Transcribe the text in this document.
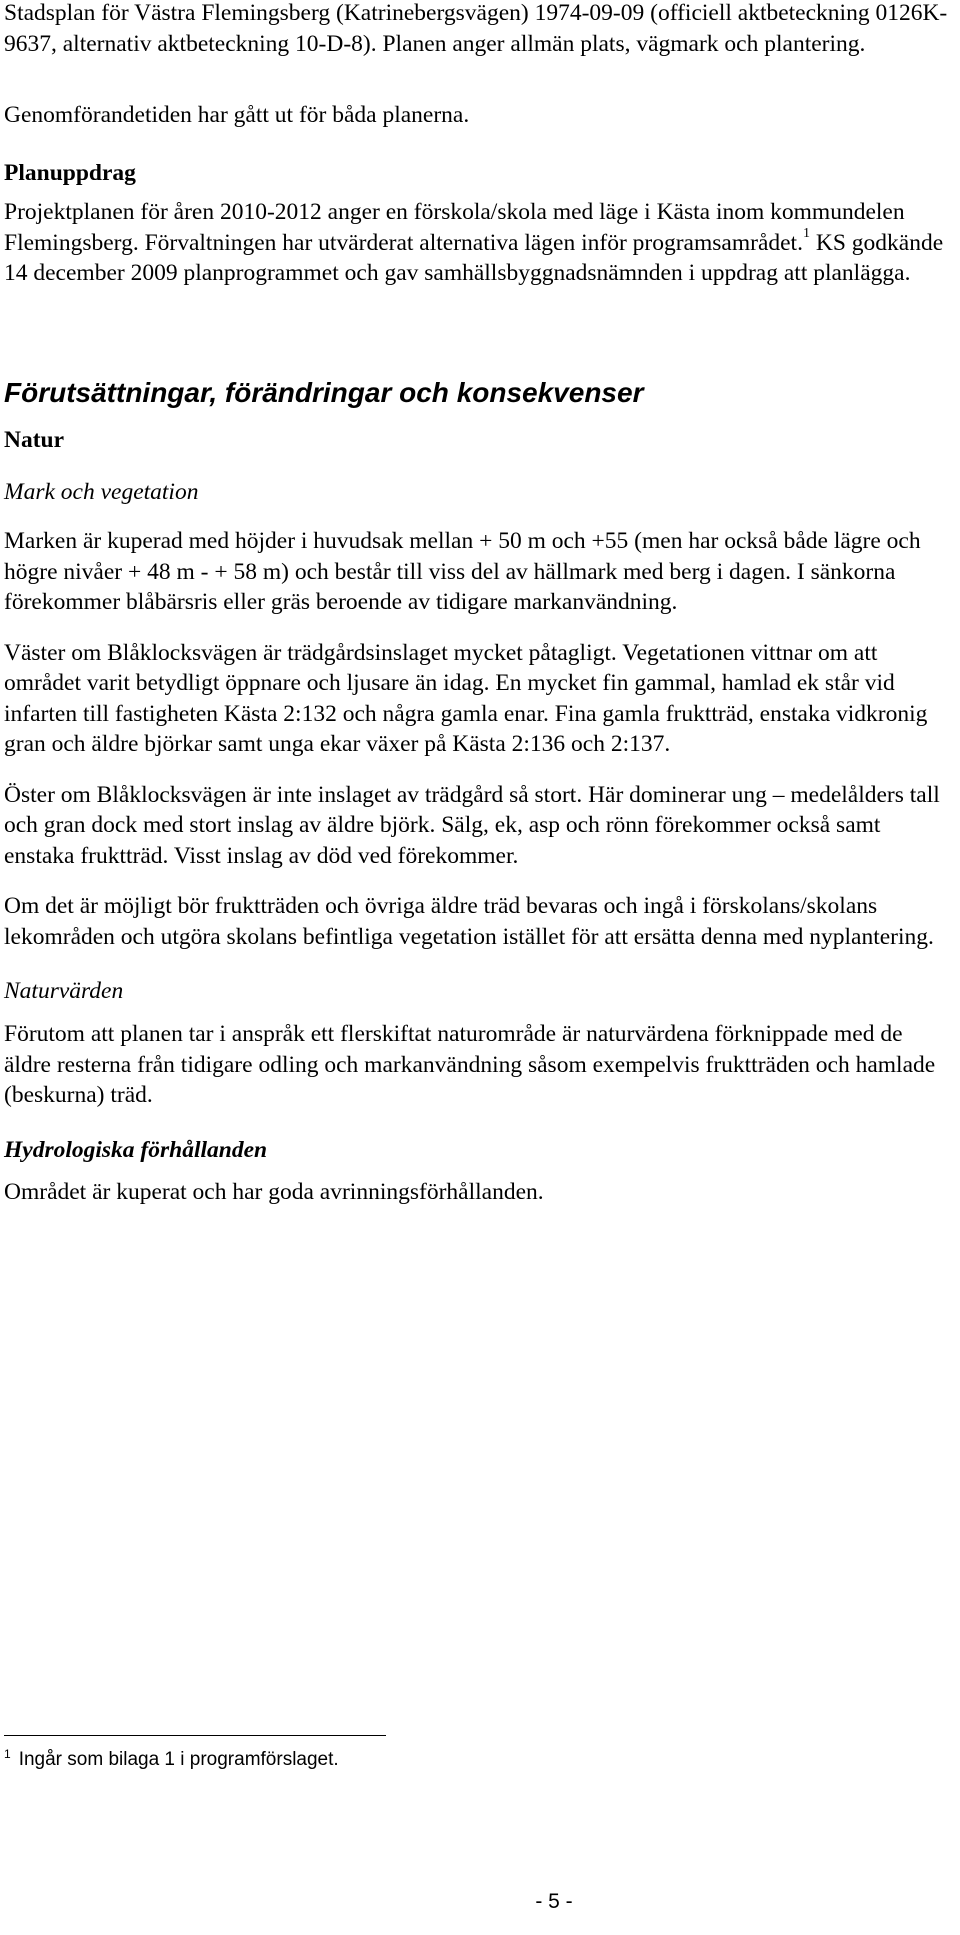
Stadsplan för Västra Flemingsberg (Katrinebergsvägen) 1974-09-09 (officiell aktbeteckning 0126K-9637, alternativ aktbeteckning 10-D-8). Planen anger allmän plats, vägmark och plantering.

Genomförandetiden har gått ut för båda planerna.

Planuppdrag

Projektplanen för åren 2010-2012 anger en förskola/skola med läge i Kästa inom kommundelen Flemingsberg. Förvaltningen har utvärderat alternativa lägen inför programsamrådet.$^1$ KS godkände 14 december 2009 planprogrammet och gav samhällsbyggnadsnämnden i uppdrag att planlägga.

Förutsättningar, förändringar och konsekvenser
Natur
Mark och vegetation

Marken är kuperad med höjder i huvudsak mellan + 50 m och +55 (men har också både lägre och högre nivåer + 48 m - + 58 m) och består till viss del av hällmark med berg i dagen. I sänkorna förekommer blåbärsris eller gräs beroende av tidigare markanvändning.

Väster om Blåklocksvägen är trädgårdsinslaget mycket påtagligt. Vegetationen vittnar om att området varit betydligt öppnare och ljusare än idag. En mycket fin gammal, hamlad ek står vid infarten till fastigheten Kästa 2:132 och några gamla enar. Fina gamla fruktträd, enstaka vidkronig gran och äldre björkar samt unga ekar växer på Kästa 2:136 och 2:137.

Öster om Blåklocksvägen är inte inslaget av trädgård så stort. Här dominerar ung – medelålders tall och gran dock med stort inslag av äldre björk. Sälg, ek, asp och rönn förekommer också samt enstaka fruktträd. Visst inslag av död ved förekommer.

Om det är möjligt bör fruktträden och övriga äldre träd bevaras och ingå i förskolans/skolans lekområden och utgöra skolans befintliga vegetation istället för att ersätta denna med nyplantering.

Naturvärden

Förutom att planen tar i anspråk ett flerskiftat naturområde är naturvärdena förknippade med de äldre resterna från tidigare odling och markanvändning såsom exempelvis fruktträden och hamlade (beskurna) träd.

Hydrologiska förhållanden

Området är kuperat och har goda avrinningsförhållanden.

$^1$ Ingår som bilaga 1 i programförslaget.
- 5 -
